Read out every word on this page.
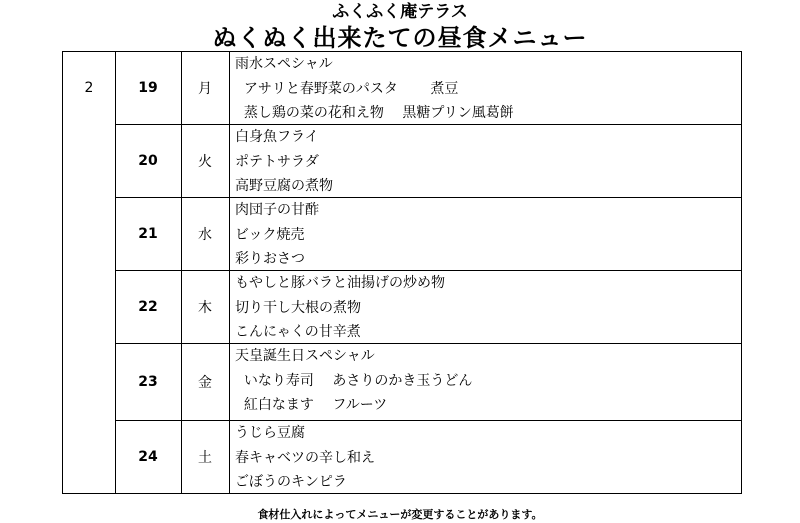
ふくふく庵テラス
ぬくぬく出来たての昼食メニュー
2	19	月
雨水スペシャル
アサリと春野菜のパスタ　　 煮豆
蒸し鶏の菜の花和え物　 黒糖プリン風葛餅
20	火
白身魚フライ
ポテトサラダ
高野豆腐の煮物
21	水
肉団子の甘酢
ビック焼売
彩りおさつ
22	木
もやしと豚バラと油揚げの炒め物
切り干し大根の煮物
こんにゃくの甘辛煮
23	金
天皇誕生日スペシャル
いなり寿司　 あさりのかき玉うどん
紅白なます　 フルーツ
24	土
うじら豆腐
春キャベツの辛し和え
ごぼうのキンピラ
食材仕入れによってメニューが変更することがあります。
